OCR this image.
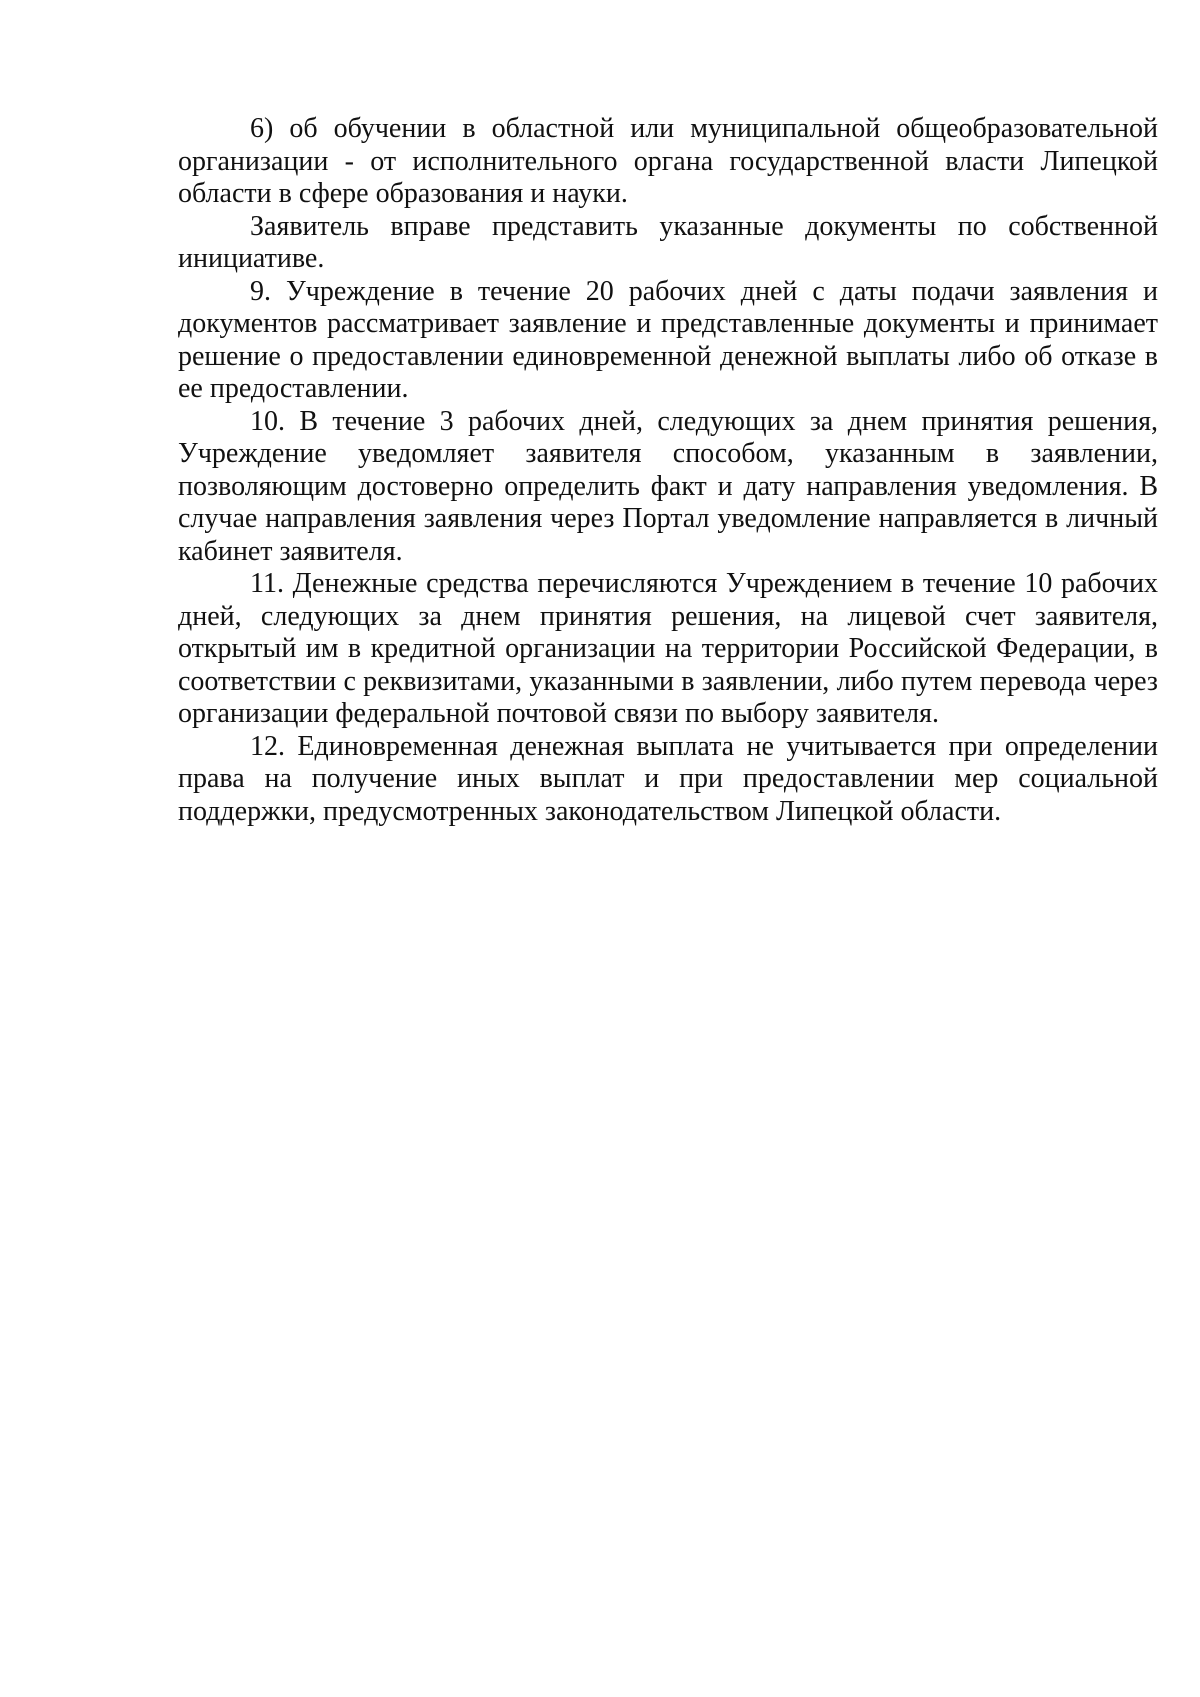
6) об обучении в областной или муниципальной общеобразовательной организации - от исполнительного органа государственной власти Липецкой области в сфере образования и науки.

Заявитель вправе представить указанные документы по собственной инициативе.

9. Учреждение в течение 20 рабочих дней с даты подачи заявления и документов рассматривает заявление и представленные документы и принимает решение о предоставлении единовременной денежной выплаты либо об отказе в ее предоставлении.

10. В течение 3 рабочих дней, следующих за днем принятия решения, Учреждение уведомляет заявителя способом, указанным в заявлении, позволяющим достоверно определить факт и дату направления уведомления. В случае направления заявления через Портал уведомление направляется в личный кабинет заявителя.

11. Денежные средства перечисляются Учреждением в течение 10 рабочих дней, следующих за днем принятия решения, на лицевой счет заявителя, открытый им в кредитной организации на территории Российской Федерации, в соответствии с реквизитами, указанными в заявлении, либо путем перевода через организации федеральной почтовой связи по выбору заявителя.

12. Единовременная денежная выплата не учитывается при определении права на получение иных выплат и при предоставлении мер социальной поддержки, предусмотренных законодательством Липецкой области.
